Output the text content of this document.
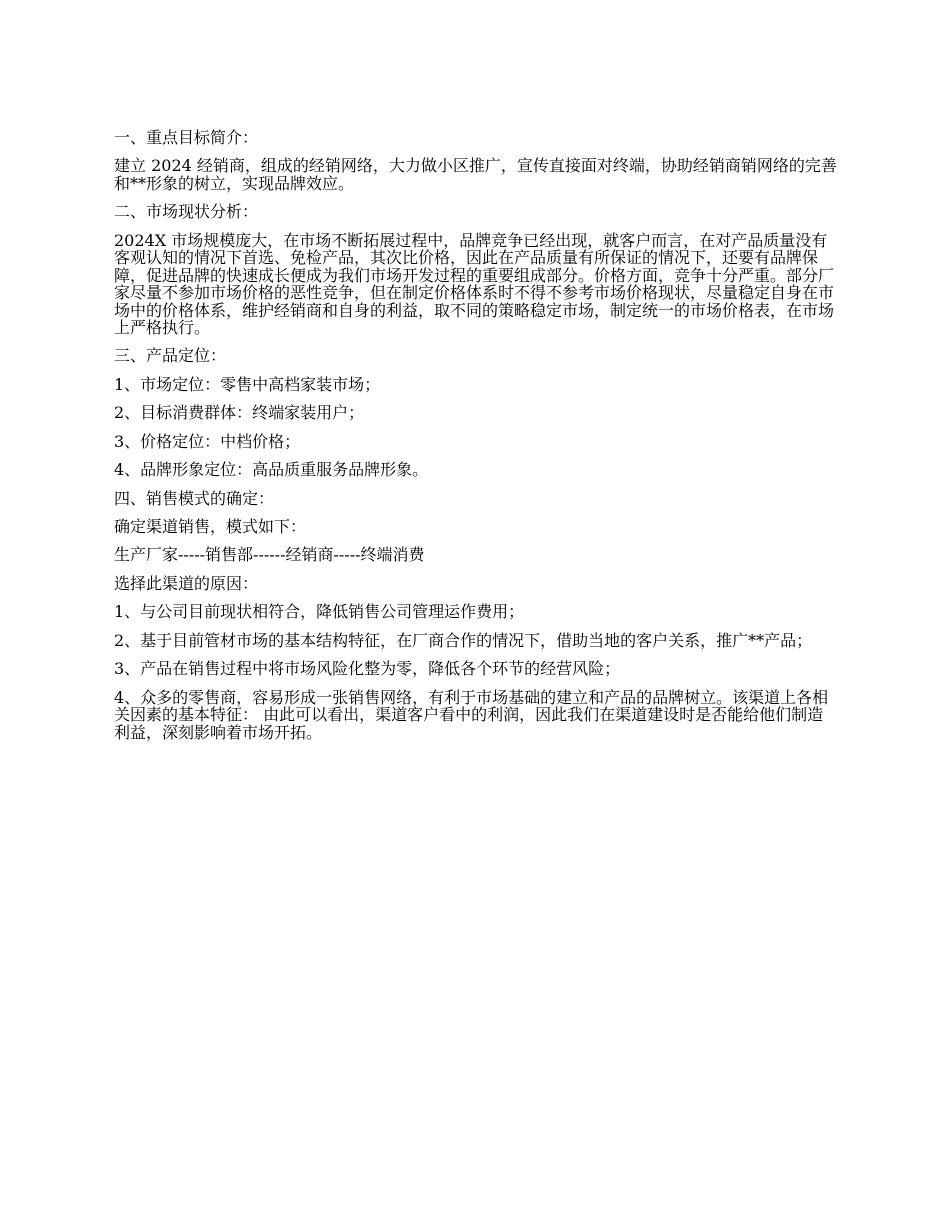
一、重点目标简介：

建立 2024 经销商，组成的经销网络，大力做小区推广，宣传直接面对终端，协助经销商销网络的完善和**形象的树立，实现品牌效应。

二、市场现状分析：

2024X 市场规模庞大，在市场不断拓展过程中，品牌竞争已经出现，就客户而言，在对产品质量没有客观认知的情况下首选、免检产品，其次比价格，因此在产品质量有所保证的情况下，还要有品牌保障，促进品牌的快速成长便成为我们市场开发过程的重要组成部分。价格方面，竞争十分严重。部分厂家尽量不参加市场价格的恶性竞争，但在制定价格体系时不得不参考市场价格现状，尽量稳定自身在市场中的价格体系，维护经销商和自身的利益，取不同的策略稳定市场，制定统一的市场价格表，在市场上严格执行。

三、产品定位：

1、市场定位：零售中高档家装市场；

2、目标消费群体：终端家装用户；

3、价格定位：中档价格；

4、品牌形象定位：高品质重服务品牌形象。

四、销售模式的确定：

确定渠道销售，模式如下：

生产厂家-----销售部------经销商-----终端消费

选择此渠道的原因：

1、与公司目前现状相符合，降低销售公司管理运作费用；

2、基于目前管材市场的基本结构特征，在厂商合作的情况下，借助当地的客户关系，推广**产品；

3、产品在销售过程中将市场风险化整为零，降低各个环节的经营风险；

4、众多的零售商，容易形成一张销售网络，有利于市场基础的建立和产品的品牌树立。该渠道上各相关因素的基本特征： 由此可以看出，渠道客户看中的利润，因此我们在渠道建设时是否能给他们制造利益，深刻影响着市场开拓。
